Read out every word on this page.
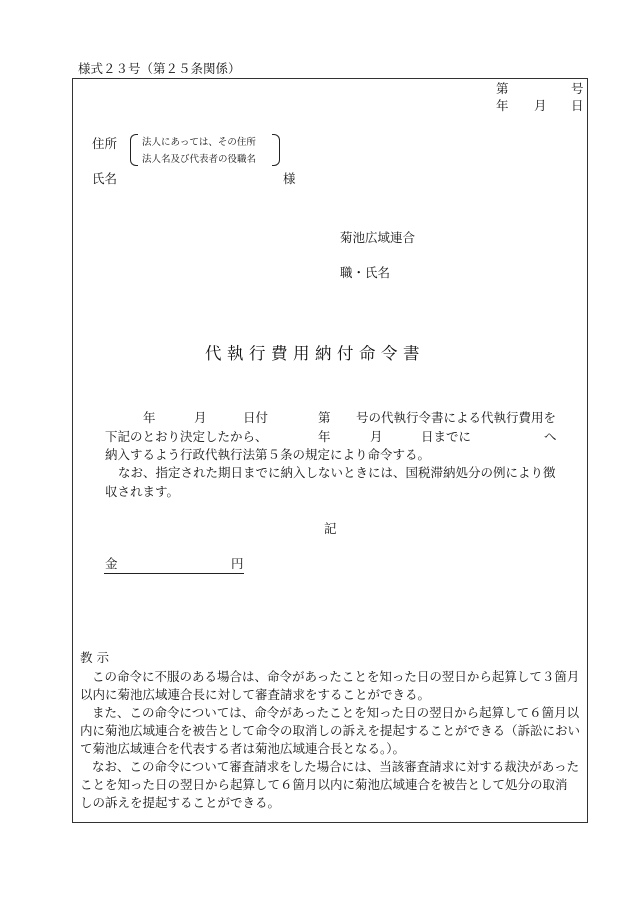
様式２３号（第２５条関係）
第	号
年 月 日
住所	法人にあっては、その住所
法人名及び代表者の役職名
氏名	様
菊池広域連合
職・氏名
代執行費用納付命令書
年	月	日付	第 号の代執行令書による代執行費用を
下記のとおり決定したから、	年	月	日までに	へ
納入するよう行政代執行法第５条の規定により命令する。
なお、指定された期日までに納入しないときには、国税滞納処分の例により徴
収されます。
記
金	円
教 示
この命令に不服のある場合は、命令があったことを知った日の翌日から起算して３箇月
以内に菊池広域連合長に対して審査請求をすることができる。
また、この命令については、命令があったことを知った日の翌日から起算して６箇月以
内に菊池広域連合を被告として命令の取消しの訴えを提起することができる（訴訟におい
て菊池広域連合を代表する者は菊池広域連合長となる。）。
なお、この命令について審査請求をした場合には、当該審査請求に対する裁決があった
ことを知った日の翌日から起算して６箇月以内に菊池広域連合を被告として処分の取消
しの訴えを提起することができる。
